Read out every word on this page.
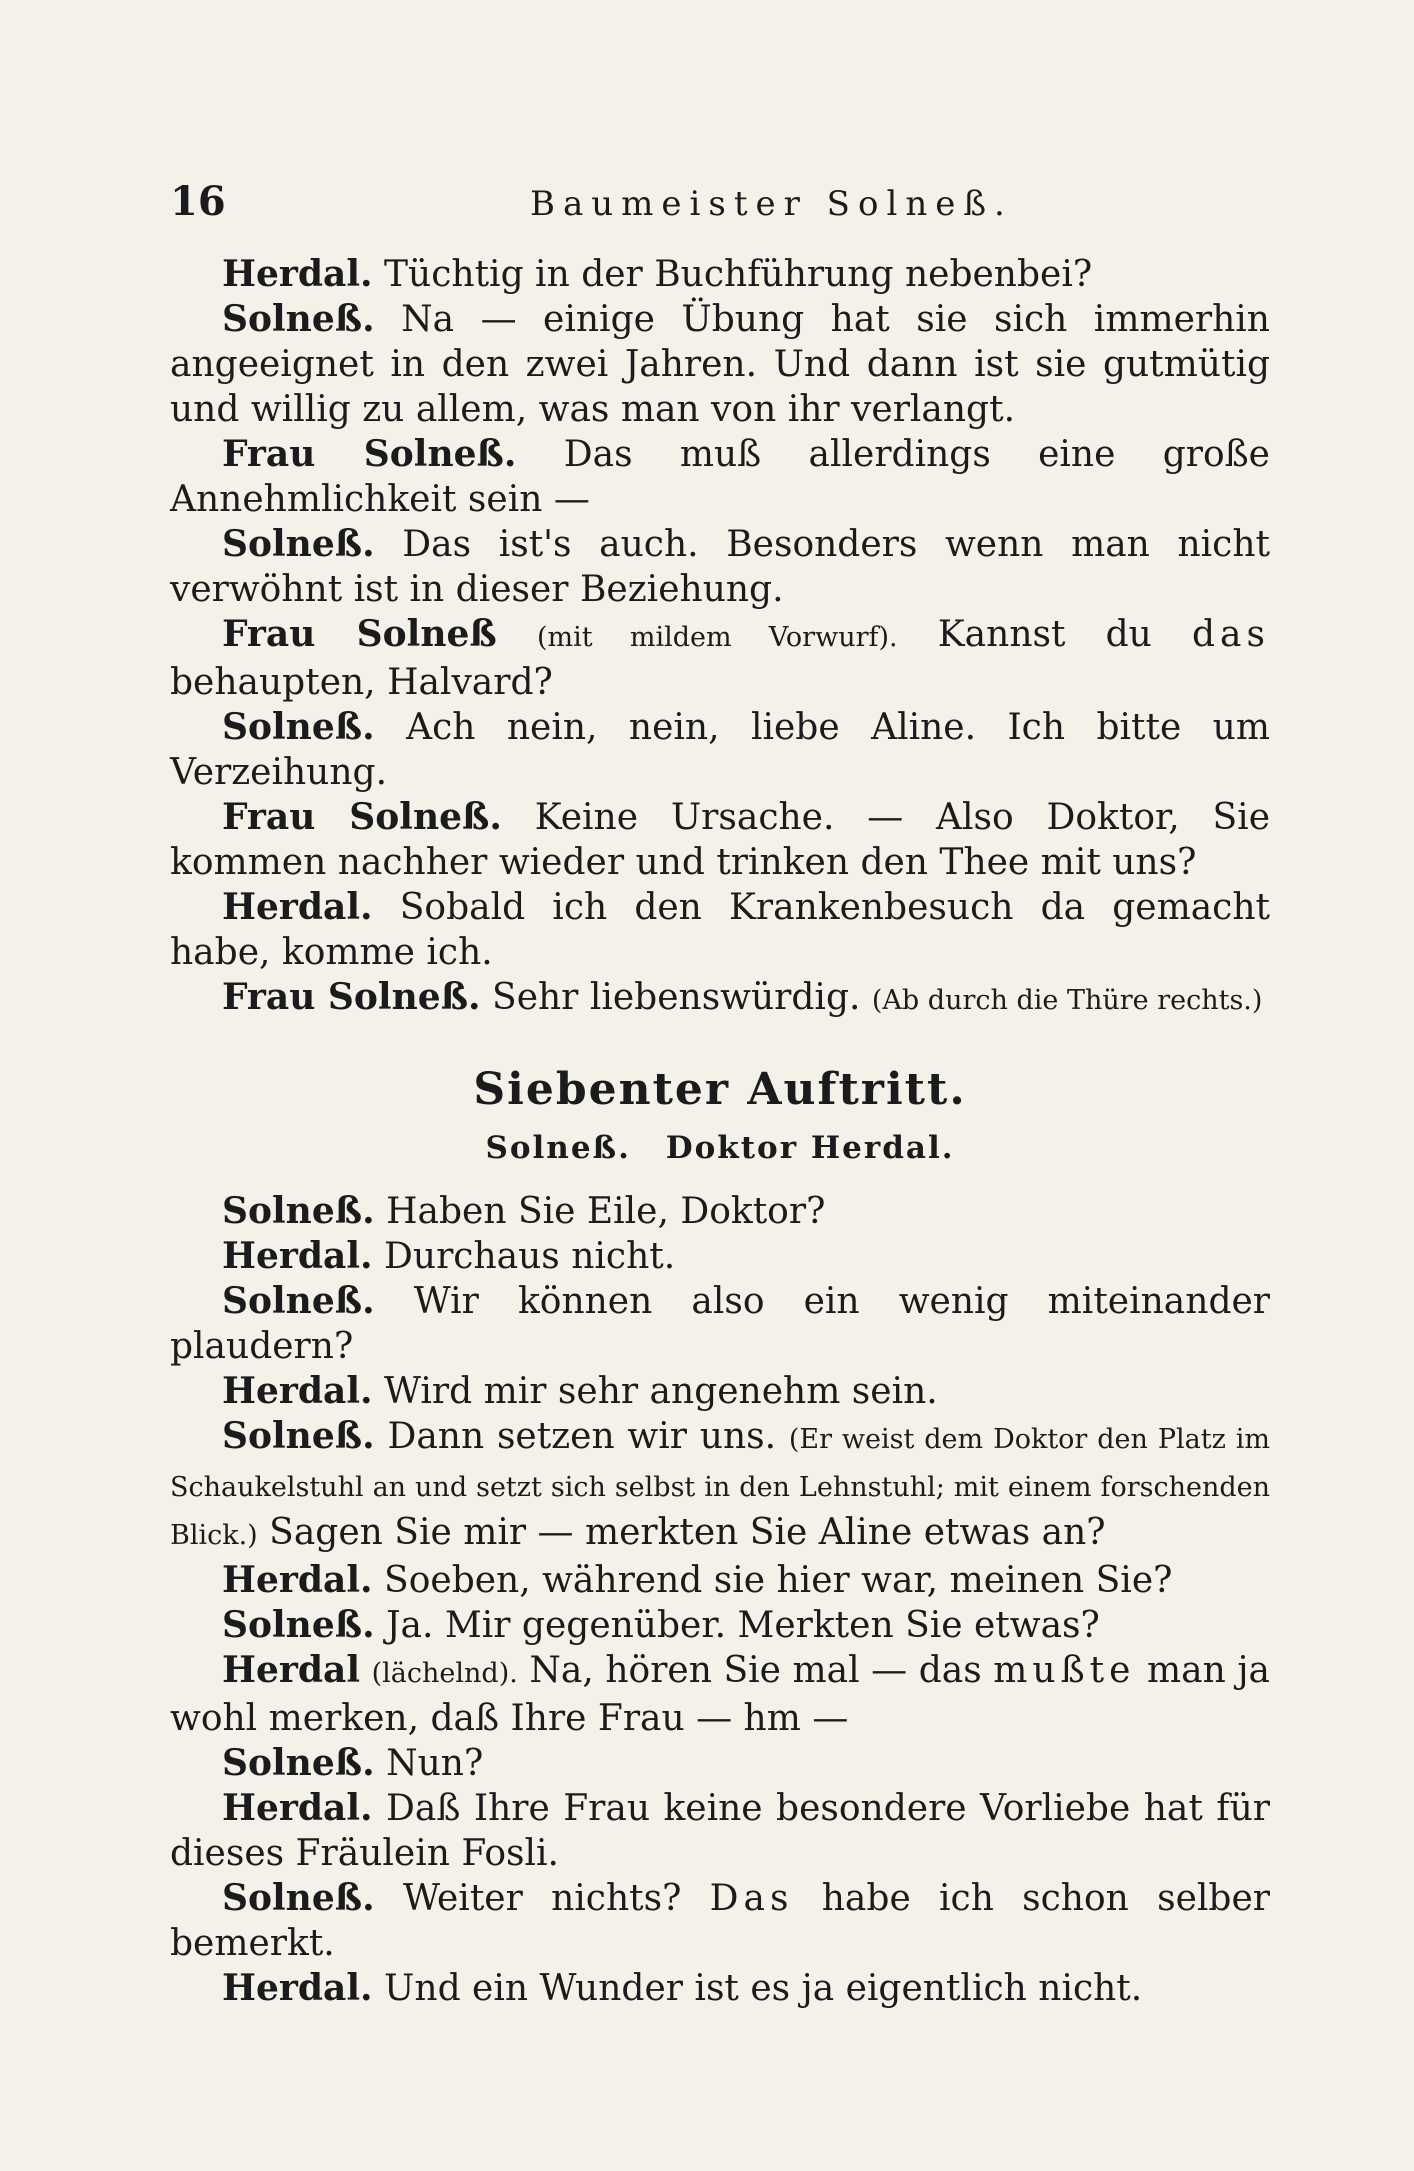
16	Baumeister Solneß.

Herdal. Tüchtig in der Buchführung nebenbei?

Solneß. Na — einige Übung hat sie sich immerhin angeeignet in den zwei Jahren. Und dann ist sie gutmütig und willig zu allem, was man von ihr verlangt.

Frau Solneß. Das muß allerdings eine große Annehmlichkeit sein —

Solneß. Das ist's auch. Besonders wenn man nicht verwöhnt ist in dieser Beziehung.

Frau Solneß (mit mildem Vorwurf). Kannst du das behaupten, Halvard?

Solneß. Ach nein, nein, liebe Aline. Ich bitte um Verzeihung.

Frau Solneß. Keine Ursache. — Also Doktor, Sie kommen nachher wieder und trinken den Thee mit uns?

Herdal. Sobald ich den Krankenbesuch da gemacht habe, komme ich.

Frau Solneß. Sehr liebenswürdig. (Ab durch die Thüre rechts.)

Siebenter Auftritt.
Solneß. Doktor Herdal.

Solneß. Haben Sie Eile, Doktor?

Herdal. Durchaus nicht.

Solneß. Wir können also ein wenig miteinander plaudern?

Herdal. Wird mir sehr angenehm sein.

Solneß. Dann setzen wir uns. (Er weist dem Doktor den Platz im Schaukelstuhl an und setzt sich selbst in den Lehnstuhl; mit einem forschenden Blick.) Sagen Sie mir — merkten Sie Aline etwas an?

Herdal. Soeben, während sie hier war, meinen Sie?

Solneß. Ja. Mir gegenüber. Merkten Sie etwas?

Herdal (lächelnd). Na, hören Sie mal — das mußte man ja wohl merken, daß Ihre Frau — hm —

Solneß. Nun?

Herdal. Daß Ihre Frau keine besondere Vorliebe hat für dieses Fräulein Fosli.

Solneß. Weiter nichts? Das habe ich schon selber bemerkt.

Herdal. Und ein Wunder ist es ja eigentlich nicht.
